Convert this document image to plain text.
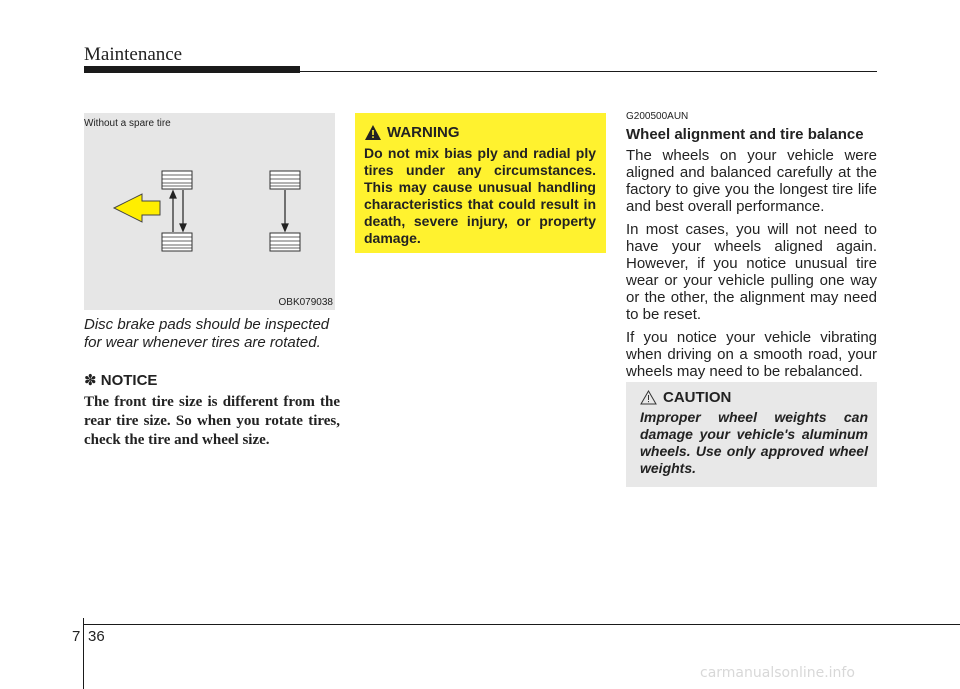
Maintenance
Without a spare tire
OBK079038
Disc brake pads should be inspected for wear whenever tires are rotated.
✽ NOTICE
The front tire size is different from the rear tire size. So when you rotate tires, check the tire and wheel size.
WARNING
Do not mix bias ply and radial ply tires under any circumstances. This may cause unusual handling characteristics that could result in death, severe injury, or property damage.
G200500AUN
Wheel alignment and tire balance

The wheels on your vehicle were aligned and balanced carefully at the factory to give you the longest tire life and best overall performance.

In most cases, you will not need to have your wheels aligned again. However, if you notice unusual tire wear or your vehicle pulling one way or the other, the alignment may need to be reset.

If you notice your vehicle vibrating when driving on a smooth road, your wheels may need to be rebalanced.

CAUTION
Improper wheel weights can damage your vehicle's aluminum wheels. Use only approved wheel weights.
7 36
carmanualsonline.info
